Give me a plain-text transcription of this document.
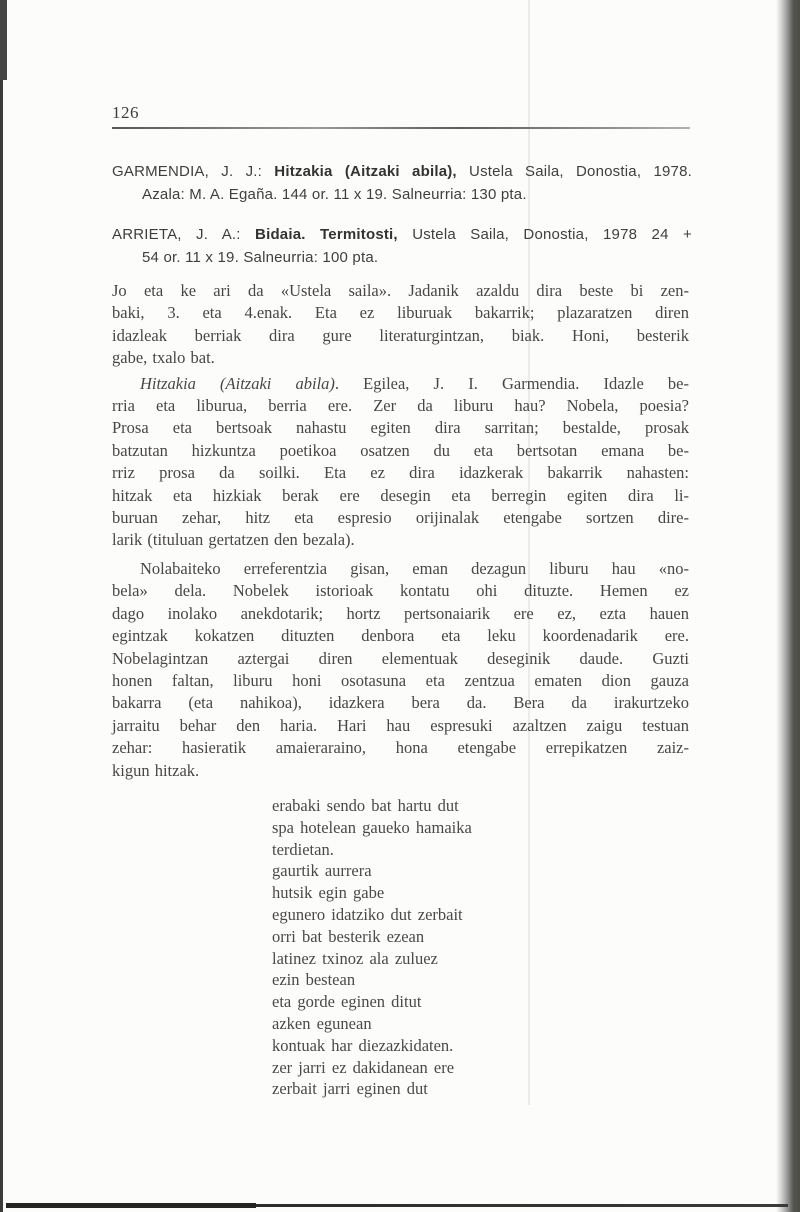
126
GARMENDIA, J. J.: Hitzakia (Aitzaki abila), Ustela Saila, Donostia, 1978.
Azala: M. A. Egaña. 144 or. 11 x 19. Salneurria: 130 pta.
ARRIETA, J. A.: Bidaia. Termitosti, Ustela Saila, Donostia, 1978 24 +
54 or. 11 x 19. Salneurria: 100 pta.
Jo eta ke ari da «Ustela saila». Jadanik azaldu dira beste bi zen-
baki, 3. eta 4.enak. Eta ez liburuak bakarrik; plazaratzen diren
idazleak berriak dira gure literaturgintzan, biak. Honi, besterik
gabe, txalo bat.
Hitzakia (Aitzaki abila). Egilea, J. I. Garmendia. Idazle be-
rria eta liburua, berria ere. Zer da liburu hau? Nobela, poesia?
Prosa eta bertsoak nahastu egiten dira sarritan; bestalde, prosak
batzutan hizkuntza poetikoa osatzen du eta bertsotan emana be-
rriz prosa da soilki. Eta ez dira idazkerak bakarrik nahasten:
hitzak eta hizkiak berak ere desegin eta berregin egiten dira li-
buruan zehar, hitz eta espresio orijinalak etengabe sortzen dire-
larik (tituluan gertatzen den bezala).
Nolabaiteko erreferentzia gisan, eman dezagun liburu hau «no-
bela» dela. Nobelek istorioak kontatu ohi dituzte. Hemen ez
dago inolako anekdotarik; hortz pertsonaiarik ere ez, ezta hauen
egintzak kokatzen dituzten denbora eta leku koordenadarik ere.
Nobelagintzan aztergai diren elementuak deseginik daude. Guzti
honen faltan, liburu honi osotasuna eta zentzua ematen dion gauza
bakarra (eta nahikoa), idazkera bera da. Bera da irakurtzeko
jarraitu behar den haria. Hari hau espresuki azaltzen zaigu testuan
zehar: hasieratik amaieraraino, hona etengabe errepikatzen zaiz-
kigun hitzak.
erabaki sendo bat hartu dut
spa hotelean gaueko hamaika
terdietan.
gaurtik aurrera
hutsik egin gabe
egunero idatziko dut zerbait
orri bat besterik ezean
latinez txinoz ala zuluez
ezin bestean
eta gorde eginen ditut
azken egunean
kontuak har diezazkidaten.
zer jarri ez dakidanean ere
zerbait jarri eginen dut
